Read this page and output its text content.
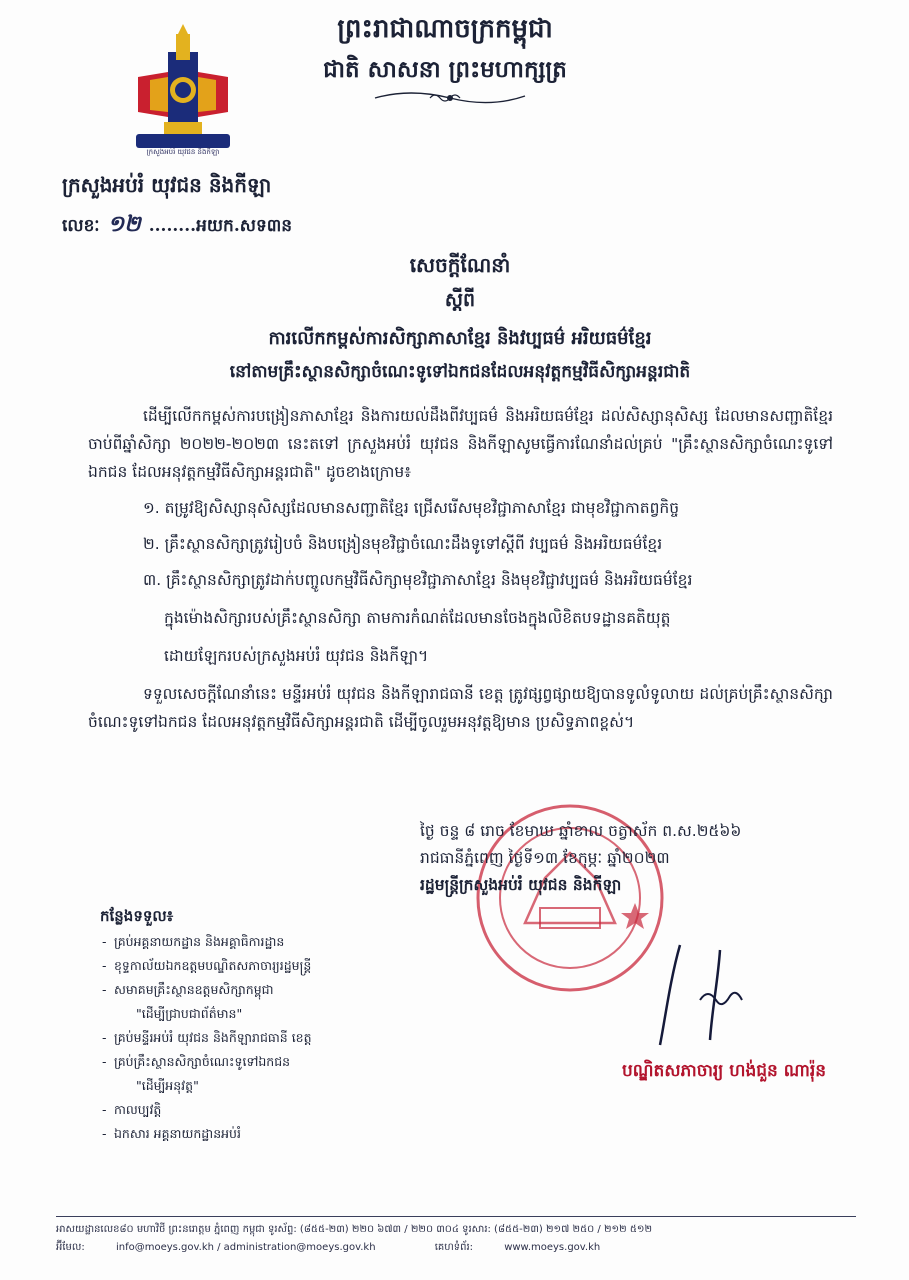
ព្រះរាជាណាចក្រកម្ពុជា
ជាតិ សាសនា ព្រះមហាក្សត្រ
ក្រសួងអប់រំ យុវជន និងកីឡា
ក្រសួងអប់រំ យុវជន និងកីឡា
លេខៈ ១២ ........អយក.សទ៣ន
សេចក្តីណែនាំ
ស្តីពី
ការលើកកម្ពស់ការសិក្សាភាសាខ្មែរ និងវប្បធម៌ អរិយធម៌ខ្មែរ
នៅតាមគ្រឹះស្ថានសិក្សាចំណេះទូទៅឯកជនដែលអនុវត្តកម្មវិធីសិក្សាអន្តរជាតិ

ដើម្បីលើកកម្ពស់ការបង្រៀនភាសាខ្មែរ និងការយល់ដឹងពីវប្បធម៌ និងអរិយធម៌ខ្មែរ ដល់សិស្សានុសិស្ស ដែលមានសញ្ជាតិខ្មែរ ចាប់ពីឆ្នាំសិក្សា ២០២២-២០២៣ នេះតទៅ ក្រសួងអប់រំ យុវជន និងកីឡាសូមធ្វើការណែនាំដល់គ្រប់ "គ្រឹះស្ថានសិក្សាចំណេះទូទៅឯកជន ដែលអនុវត្តកម្មវិធីសិក្សាអន្តរជាតិ" ដូចខាងក្រោម៖

១. តម្រូវឱ្យសិស្សានុសិស្សដែលមានសញ្ជាតិខ្មែរ ជ្រើសរើសមុខវិជ្ជាភាសាខ្មែរ ជាមុខវិជ្ជាកាតព្វកិច្ច

២. គ្រឹះស្ថានសិក្សាត្រូវរៀបចំ និងបង្រៀនមុខវិជ្ជាចំណេះដឹងទូទៅស្តីពី វប្បធម៌ និងអរិយធម៌ខ្មែរ

៣. គ្រឹះស្ថានសិក្សាត្រូវដាក់បញ្ចូលកម្មវិធីសិក្សាមុខវិជ្ជាភាសាខ្មែរ និងមុខវិជ្ជាវប្បធម៌ និងអរិយធម៌ខ្មែរ

ក្នុងម៉ោងសិក្សារបស់គ្រឹះស្ថានសិក្សា តាមការកំណត់ដែលមានចែងក្នុងលិខិតបទដ្ឋានគតិយុត្ត

ដោយឡែករបស់ក្រសួងអប់រំ យុវជន និងកីឡា។

ទទួលសេចក្តីណែនាំនេះ មន្ទីរអប់រំ យុវជន និងកីឡារាជធានី ខេត្ត ត្រូវផ្សព្វផ្សាយឱ្យបានទូលំទូលាយ ដល់គ្រប់គ្រឹះស្ថានសិក្សាចំណេះទូទៅឯកជន ដែលអនុវត្តកម្មវិធីសិក្សាអន្តរជាតិ ដើម្បីចូលរួមអនុវត្តឱ្យមាន ប្រសិទ្ធភាពខ្ពស់។

ថ្ងៃ ចន្ទ ៨ រោច ខែមាឃ ឆ្នាំខាល ចត្វាស័ក ព.ស.២៥៦៦
រាជធានីភ្នំពេញ ថ្ងៃទី១៣ ខែកុម្ភៈ ឆ្នាំ២០២៣
រដ្ឋមន្ត្រីក្រសួងអប់រំ យុវជន និងកីឡា
បណ្ឌិតសភាចារ្យ ហង់ជួន ណារ៉ុន
កន្លែងទទួល៖
- គ្រប់អគ្គនាយកដ្ឋាន និងអគ្គាធិការដ្ឋាន
- ខុទ្ទកាល័យឯកឧត្តមបណ្ឌិតសភាចារ្យរដ្ឋមន្ត្រី
- សមាគមគ្រឹះស្ថានឧត្តមសិក្សាកម្ពុជា
"ដើម្បីជ្រាបជាព័ត៌មាន"
- គ្រប់មន្ទីរអប់រំ យុវជន និងកីឡារាជធានី ខេត្ត
- គ្រប់គ្រឹះស្ថានសិក្សាចំណេះទូទៅឯកជន
"ដើម្បីអនុវត្ត"
- កាលប្បវត្តិ
- ឯកសារ អគ្គនាយកដ្ឋានអប់រំ
អាសយដ្ឋានលេខ៨០ មហាវិថី ព្រះនរោត្តម ភ្នំពេញ កម្ពុជា ទូរស័ព្ទ: (៨៥៥-២៣) ២២០ ៦៧៣ / ២២០ ៣០៤ ទូរសារ: (៨៥៥-២៣) ២១៧ ២៥០ / ២១២ ៥១២
អ៊ីមែល:	info@moeys.gov.kh / administration@moeys.gov.kh	គេហទំព័រ:	www.moeys.gov.kh
